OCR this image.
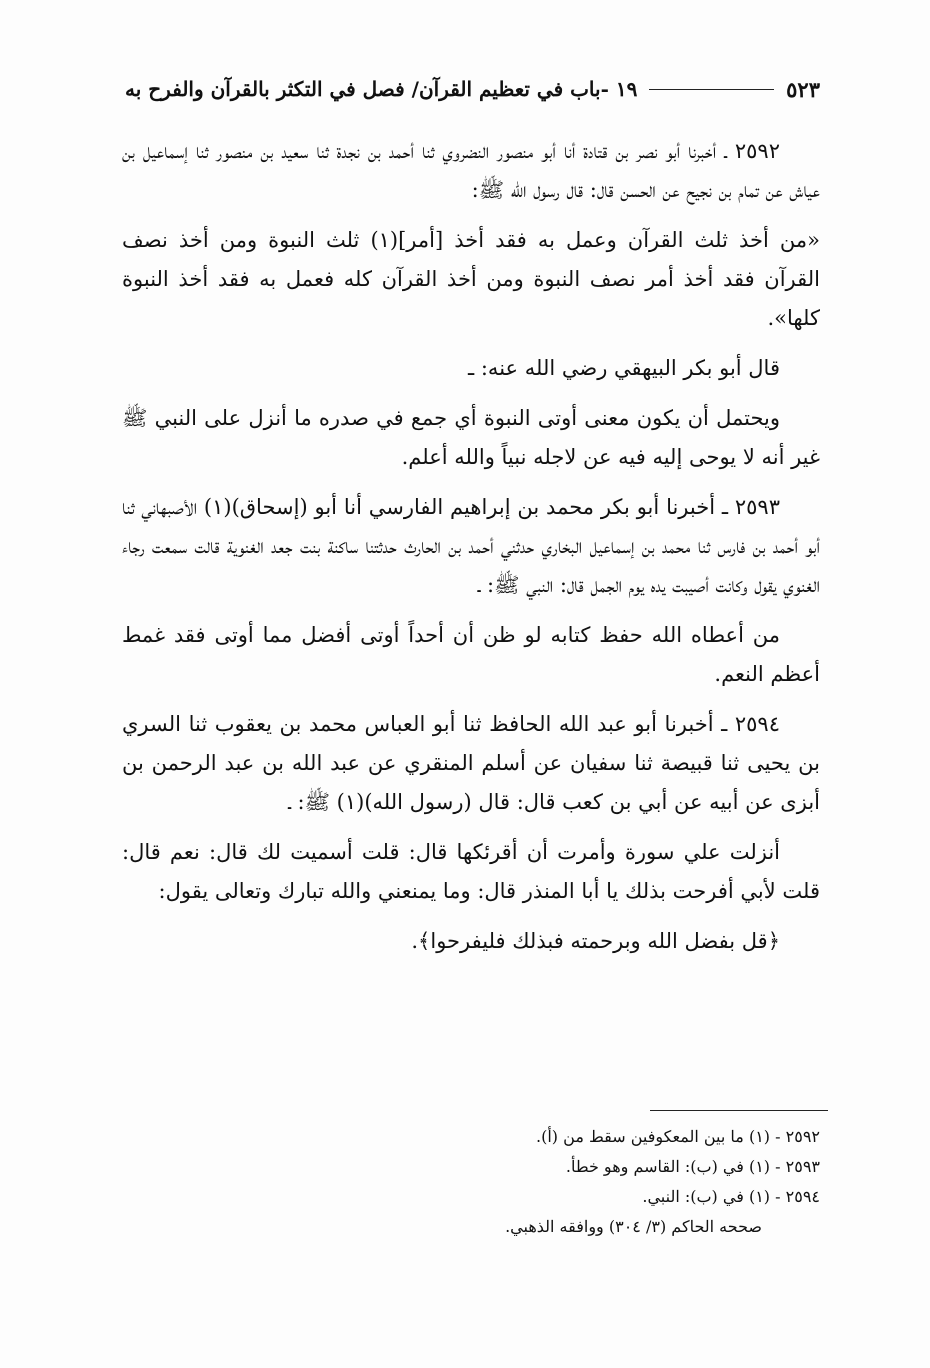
١٩ -باب في تعظيم القرآن/ فصل في التكثر بالقرآن والفرح به	٥٢٣

٢٥٩٢ ـ أخبرنا أبو نصر بن قتادة أنا أبو منصور النضروي ثنا أحمد بن نجدة ثنا سعيد بن منصور ثنا إسماعيل بن عياش عن تمام بن نجيح عن الحسن قال: قال رسول الله ﷺ:

«من أخذ ثلث القرآن وعمل به فقد أخذ [أمر](١) ثلث النبوة ومن أخذ نصف القرآن فقد أخذ أمر نصف النبوة ومن أخذ القرآن كله فعمل به فقد أخذ النبوة كلها».

قال أبو بكر البيهقي رضي الله عنه: ـ

ويحتمل أن يكون معنى أوتى النبوة أي جمع في صدره ما أنزل على النبي ﷺ غير أنه لا يوحى إليه فيه عن لاجله نبياً والله أعلم.

٢٥٩٣ ـ أخبرنا أبو بكر محمد بن إبراهيم الفارسي أنا أبو (إسحاق)(١) الأصبهاني ثنا أبو أحمد بن فارس ثنا محمد بن إسماعيل البخاري حدثني أحمد بن الحارث حدثتنا ساكنة بنت جعد الغنوية قالت سمعت رجاء الغنوي يقول وكانت أصيبت يده يوم الجمل قال: النبي ﷺ: ـ

من أعطاه الله حفظ كتابه لو ظن أن أحداً أوتى أفضل مما أوتى فقد غمط أعظم النعم.

٢٥٩٤ ـ أخبرنا أبو عبد الله الحافظ ثنا أبو العباس محمد بن يعقوب ثنا السري بن يحيى ثنا قبيصة ثنا سفيان عن أسلم المنقري عن عبد الله بن عبد الرحمن بن أبزى عن أبيه عن أبي بن كعب قال: قال (رسول الله)(١) ﷺ: ـ

أنزلت علي سورة وأمرت أن أقرئكها قال: قلت أسميت لك قال: نعم قال: قلت لأبي أفرحت بذلك يا أبا المنذر قال: وما يمنعني والله تبارك وتعالى يقول:

﴿قل بفضل الله وبرحمته فبذلك فليفرحوا﴾.

٢٥٩٢ - (١) ما بين المعكوفين سقط من (أ).
٢٥٩٣ - (١) في (ب): القاسم وهو خطأ.
٢٥٩٤ - (١) في (ب): النبي.
صححه الحاكم (٣/ ٣٠٤) ووافقه الذهبي.
